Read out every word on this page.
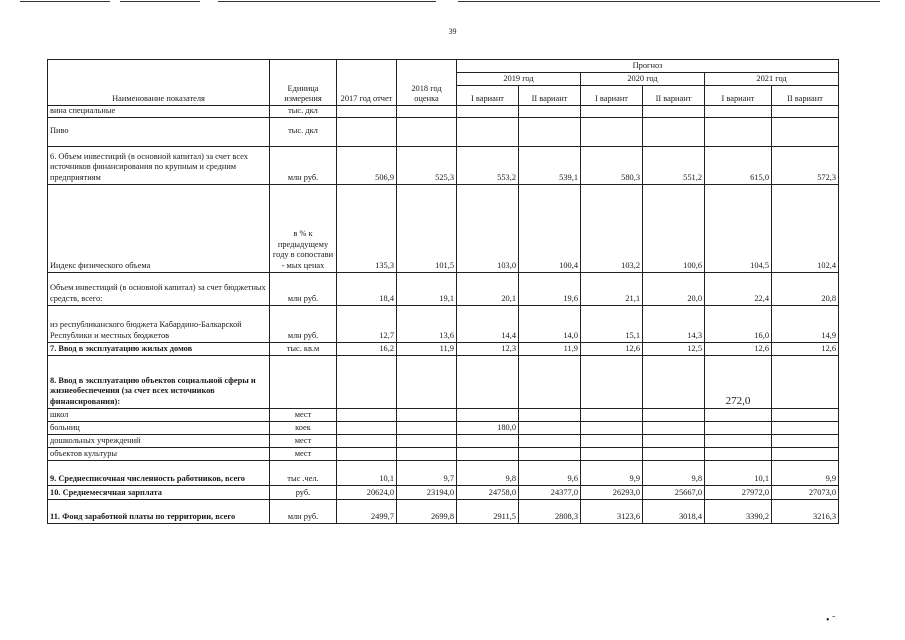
39
Наименование показателя	Единица измерения	2017 год отчет	2018 год оценка	Прогноз					
				2019 год		2020 год		2021 год	
				I вариант	II вариант	I вариант	II вариант	I вариант	II вариант
вина специальные	тыс. дкл								
Пиво	тыс. дкл								
6. Объем инвестиций (в основной капитал) за счет всех источников финансирования по крупным и средним предприятиям	млн руб.	506,9	525,3	553,2	539,1	580,3	551,2	615,0	572,3
Индекс физического объема	в % к предыдущему году в сопостави - мых ценах	135,3	101,5	103,0	100,4	103,2	100,6	104,5	102,4
Объем инвестиций (в основной капитал) за счет бюджетных средств, всего:	млн руб.	18,4	19,1	20,1	19,6	21,1	20,0	22,4	20,8
из республиканского бюджета Кабардино-Балкарской Республики и местных бюджетов	млн руб.	12,7	13,6	14,4	14,0	15,1	14,3	16,0	14,9
7. Ввод в эксплуатацию жилых домов	тыс. кв.м	16,2	11,9	12,3	11,9	12,6	12,5	12,6	12,6
8. Ввод в эксплуатацию объектов социальной сферы и жизнеобеспечения (за счет всех источников финансирования):								272,0	
школ	мест								
больниц	коек			180,0					
дошкольных учреждений	мест								
объектов культуры	мест								
9. Среднесписочная численность работников, всего	тыс .чел.	10,1	9,7	9,8	9,6	9,9	9,8	10,1	9,9
10. Среднемесячная зарплата	руб.	20624,0	23194,0	24758,0	24377,0	26293,0	25667,0	27972,0	27073,0
11. Фонд заработной платы по территории, всего	млн руб.	2499,7	2699,8	2911,5	2808,3	3123,6	3018,4	3390,2	3216,3
• ˜
